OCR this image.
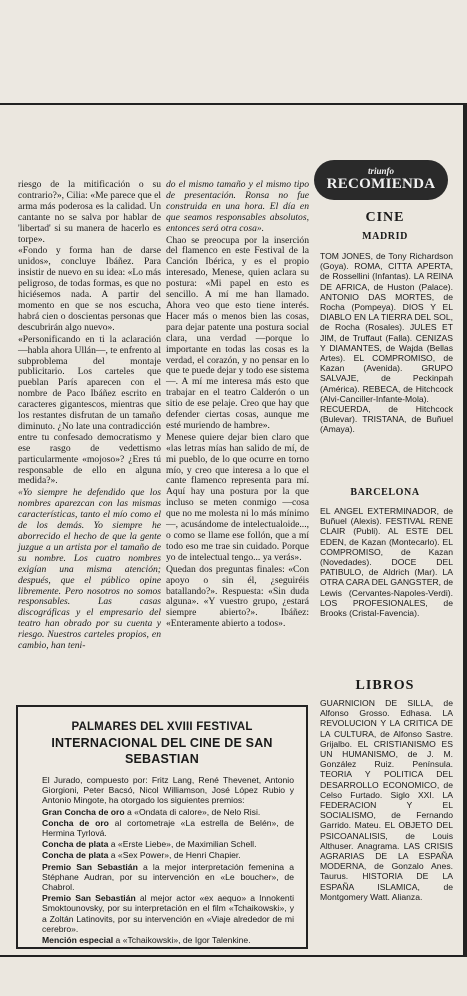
riesgo de la mitificación o su contrario?», Cilia: «Me parece que el arma más poderosa es la calidad. Un cantante no se salva por hablar de 'libertad' si su manera de hacerlo es torpe».

«Fondo y forma han de darse unidos», concluye Ibáñez. Para insistir de nuevo en su idea: «Lo más peligroso, de todas formas, es que no hiciésemos nada. A partir del momento en que se nos escucha, habrá cien o doscientas personas que descubrirán algo nuevo».

«Personificando en ti la aclaración —habla ahora Ullán—, te enfrento al subproblema del montaje publicitario. Los carteles que pueblan París aparecen con el nombre de Paco Ibáñez escrito en caracteres gigantescos, mientras que los restantes disfrutan de un tamaño diminuto. ¿No late una contradicción entre tu confesado democratismo y ese rasgo de vedettismo particularmente «mojoso»? ¿Eres tú responsable de ello en alguna medida?».

«Yo siempre he defendido que los nombres aparezcan con las mismas características, tanto el mío como el de los demás. Yo siempre he aborrecido el hecho de que la gente juzgue a un artista por el tamaño de su nombre. Los cuatro nombres exigían una misma atención; después, que el público opine libremente. Pero nosotros no somos responsables. Las casas discográficas y el empresario del teatro han obrado por su cuenta y riesgo. Nuestros carteles propios, en cambio, han teni-

do el mismo tamaño y el mismo tipo de presentación. Ronsa no fue construida en una hora. El día en que seamos responsables absolutos, entonces será otra cosa».

Chao se preocupa por la inserción del flamenco en este Festival de la Canción Ibérica, y es el propio interesado, Menese, quien aclara su postura: «Mi papel en esto es sencillo. A mí me han llamado. Ahora veo que esto tiene interés. Hacer más o menos bien las cosas, para dejar patente una postura social clara, una verdad —porque lo importante en todas las cosas es la verdad, el corazón, y no pensar en lo que te puede dejar y todo ese sistema—. A mí me interesa más esto que trabajar en el teatro Calderón o un sitio de ese pelaje. Creo que hay que defender ciertas cosas, aunque me esté muriendo de hambre».

Menese quiere dejar bien claro que «las letras mías han salido de mí, de mi pueblo, de lo que ocurre en torno mío, y creo que interesa a lo que el cante flamenco representa para mí. Aquí hay una postura por la que incluso se meten conmigo —cosa que no me molesta ni lo más mínimo—, acusándome de intelectualoide..., o como se llame ese follón, que a mí todo eso me trae sin cuidado. Porque yo de intelectual tengo... ya verás».

Quedan dos preguntas finales: «Con apoyo o sin él, ¿seguiréis batallando?». Respuesta: «Sin duda alguna». «Y vuestro grupo, ¿estará siempre abierto?». Ibáñez: «Enteramente abierto a todos».

PALMARES DEL XVIII FESTIVAL
INTERNACIONAL DEL CINE DE SAN SEBASTIAN

El Jurado, compuesto por: Fritz Lang, René Thevenet, Antonio Giorgioni, Peter Bacsó, Nicol Williamson, José López Rubio y Antonio Mingote, ha otorgado los siguientes premios:

Gran Concha de oro a «Ondata di calore», de Nelo Risi.

Concha de oro al cortometraje «La estrella de Belén», de Hermina Tyrlová.

Concha de plata a «Erste Liebe», de Maximilian Schell.

Concha de plata a «Sex Power», de Henri Chapier.

Premio San Sebastián a la mejor interpretación femenina a Stéphane Audran, por su intervención en «Le boucher», de Chabrol.

Premio San Sebastián al mejor actor «ex aequo» a Innokenti Smoktounovsky, por su interpretación en el film «Tchaikowski», y a Zoltán Latinovits, por su intervención en «Viaje alrededor de mi cerebro».

Mención especial a «Tchaikowski», de Igor Talenkine.

triunfo
RECOMIENDA
CINE
MADRID
TOM JONES, de Tony Richardson (Goya). ROMA, CITTA APERTA, de Rossellini (Infantas). LA REINA DE AFRICA, de Huston (Palace). ANTONIO DAS MORTES, de Rocha (Pompeya). DIOS Y EL DIABLO EN LA TIERRA DEL SOL, de Rocha (Rosales). JULES ET JIM, de Truffaut (Falla). CENIZAS Y DIAMANTES, de Wajda (Bellas Artes). EL COMPROMISO, de Kazan (Avenida). GRUPO SALVAJE, de Peckinpah (América). REBECA, de Hitchcock (Alvi-Canciller-Infante-Molа). RECUERDA, de Hitchcock (Bulevar). TRISTANA, de Buñuel (Amaya).
BARCELONA
EL ANGEL EXTERMINADOR, de Buñuel (Alexis). FESTIVAL RENE CLAIR (Publi). AL ESTE DEL EDEN, de Kazan (Montecarlo). EL COMPROMISO, de Kazan (Novedades). DOCE DEL PATIBULO, de Aldrich (Mar). LA OTRA CARA DEL GANGSTER, de Lewis (Cervantes-Napoles-Verdi). LOS PROFESIONALES, de Brooks (Cristal-Favencia).
LIBROS
GUARNICION DE SILLA, de Alfonso Grosso. Edhasa. LA REVOLUCION Y LA CRITICA DE LA CULTURA, de Alfonso Sastre. Grijalbo. EL CRISTIANISMO ES UN HUMANISMO, de J. M. González Ruiz. Península. TEORIA Y POLITICA DEL DESARROLLO ECONOMICO, de Celso Furtado. Siglo XXI. LA FEDERACION Y EL SOCIALISMO, de Fernando Garrido. Mateu. EL OBJETO DEL PSICOANALISIS, de Louis Althuser. Anagrama. LAS CRISIS AGRARIAS DE LA ESPAÑA MODERNA, de Gonzalo Anes. Taurus. HISTORIA DE LA ESPAÑA ISLAMICA, de Montgomery Watt. Alianza.
